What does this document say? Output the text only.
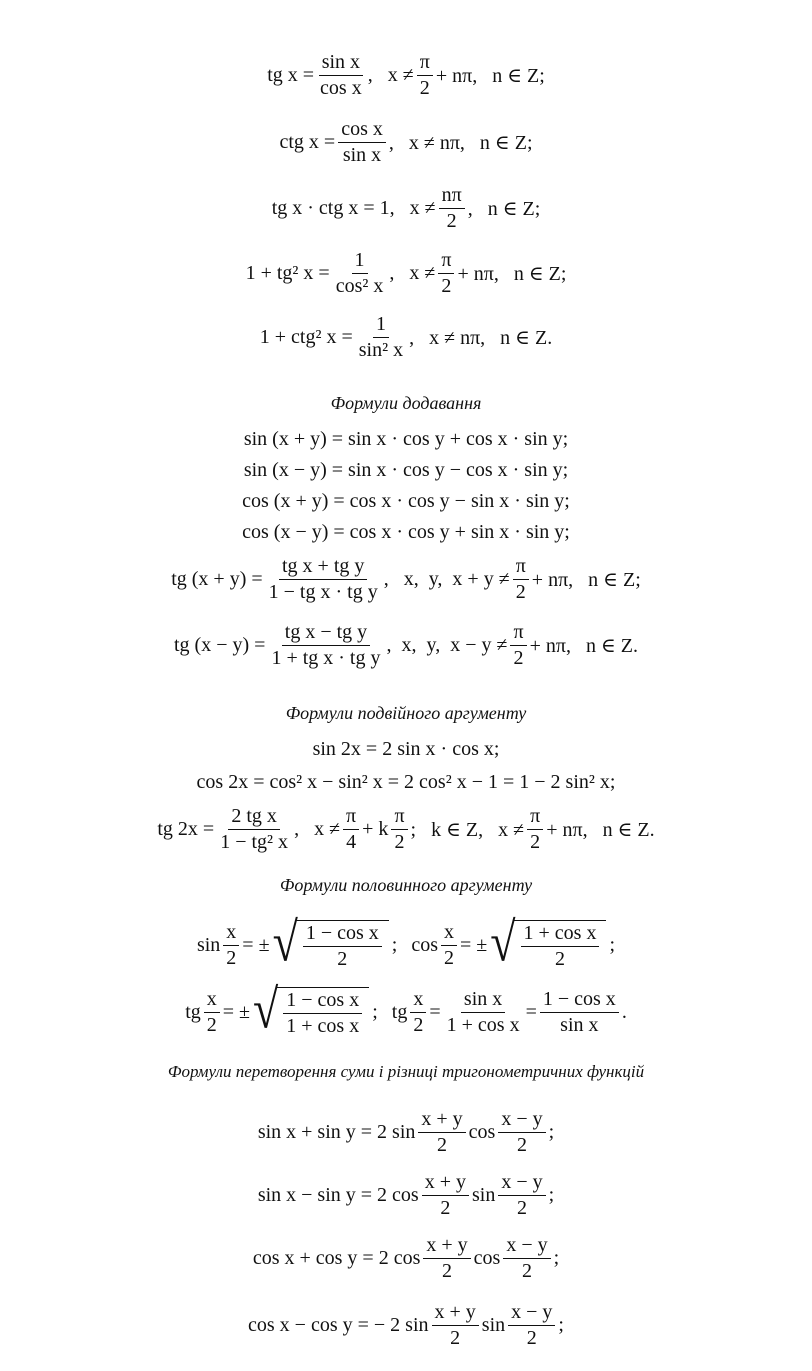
tg $x = \frac{\text{sin x}}{\text{cos x}}$ ,   $x \ne \frac{\pi}{2} + n\pi$,   n ∈ Z;
ctg $x = \frac{\text{cos x}}{\text{sin x}}$ ,   x ≠ nπ,   n ∈ Z;
tg x · ctg x = 1,   $x \ne \frac{n\pi}{2}$ ,   n ∈ Z;
1 + tg² $x = \frac{1}{\text{cos² x}}$ ,   $x \ne \frac{\pi}{2} + n\pi$,   n ∈ Z;
1 + ctg² $x = \frac{1}{\text{sin² x}}$ ,   x ≠ nπ,   n ∈ Z.
Формули додавання
sin (x + y) = sin x · cos y + cos x · sin y;
sin (x − y) = sin x · cos y − cos x · sin y;
cos (x + y) = cos x · cos y − sin x · sin y;
cos (x − y) = cos x · cos y + sin x · sin y;
tg $(x + y) = \frac{\text{tg x + tg y}}{\text{1 − tg x · tg y}}$ ,   x,  y,  $x + y \ne \frac{\pi}{2} + n\pi$,   n ∈ Z;
tg $(x - y) = \frac{\text{tg x − tg y}}{\text{1 + tg x · tg y}}$ ,  x,  y,  $x - y \ne \frac{\pi}{2} + n\pi$,   n ∈ Z.
Формули подвійного аргументу
sin 2x = 2 sin x · cos x;
cos 2x = cos² x − sin² x = 2 cos² x − 1 = 1 − 2 sin² x;
tg $2x = \frac{\text{2 tg x}}{\text{1 − tg² x}}$ ,   $x \ne \frac{\pi}{4} + k \frac{\pi}{2}$ ;   k ∈ Z,   $x \ne \frac{\pi}{2} + n\pi$,   n ∈ Z.
Формули половинного аргументу
$\sin \frac{x}{2}$ = ± √ $\frac{\text{1 − cos x}}{2}$ ; $\cos \frac{x}{2}$ = ± √ $\frac{\text{1 + cos x}}{2}$ ;
tg $\frac{x}{2}$ = ± √ $\frac{\text{1 − cos x}}{\text{1 + cos x}}$ ; tg $\frac{x}{2} = \frac{\text{sin x}}{\text{1 + cos x}} = \frac{\text{1 − cos x}}{\text{sin x}}$ .
Формули перетворення суми і різниці тригонометричних функцій
sin x + sin y = 2 $\sin \frac{x + y}{2}$ $\cos \frac{x - y}{2}$ ;
sin x − sin y = 2 $\cos \frac{x + y}{2}$ $\sin \frac{x - y}{2}$ ;
cos x + cos y = 2 $\cos \frac{x + y}{2}$ $\cos \frac{x - y}{2}$ ;
cos x − cos y = − 2 $\sin \frac{x + y}{2}$ $\sin \frac{x - y}{2}$ ;
